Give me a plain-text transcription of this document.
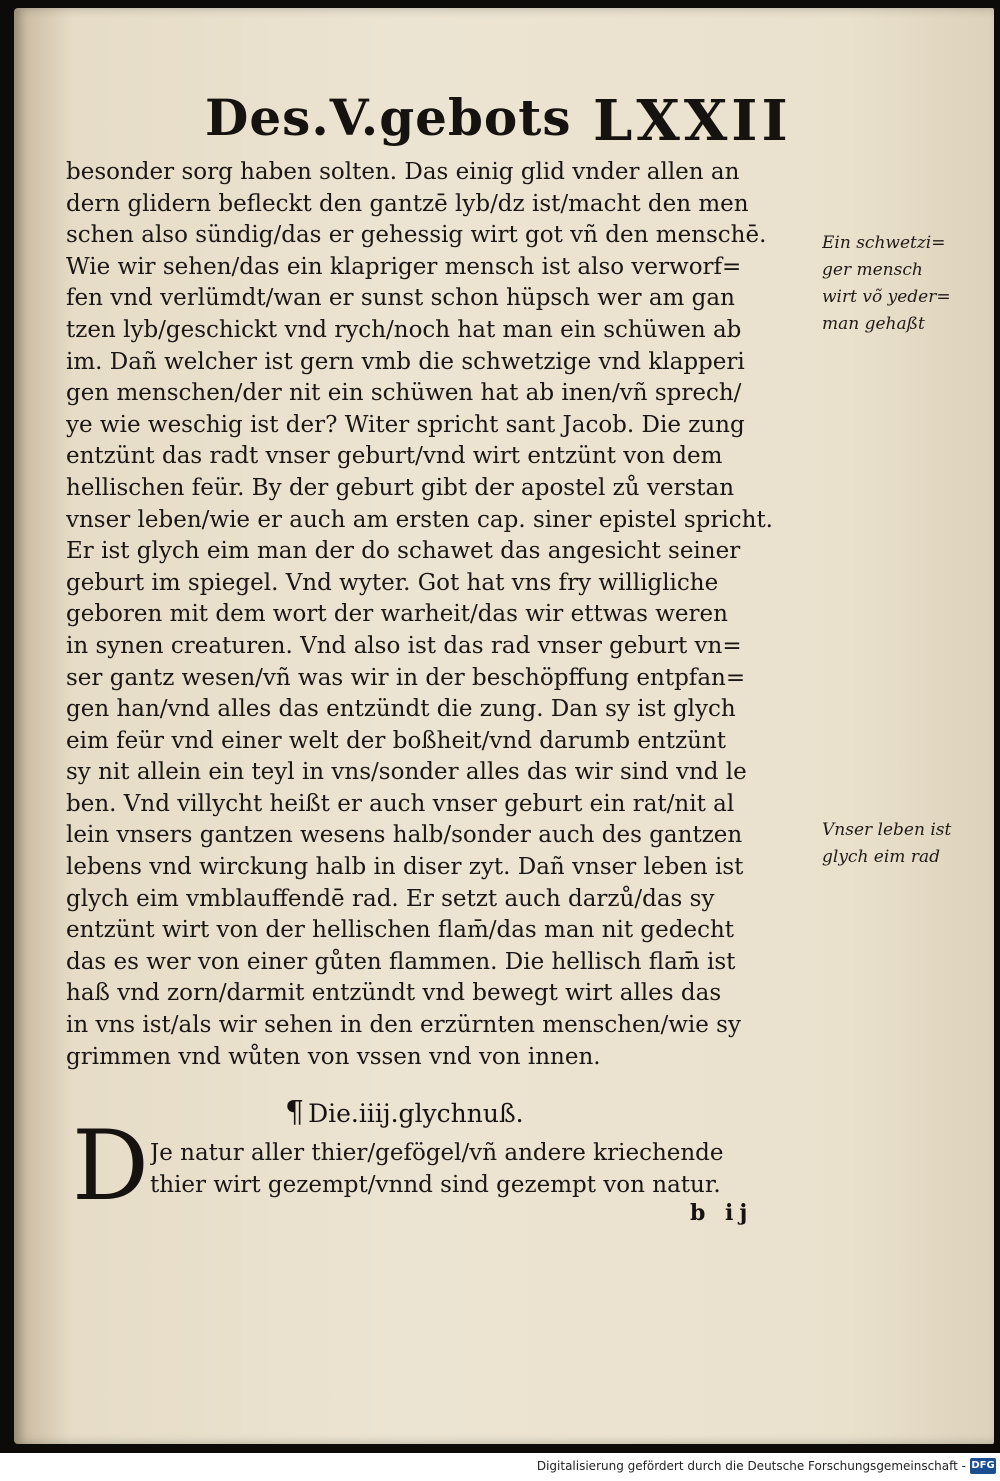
Des.V.gebots LXXII
besonder sorg haben solten. Das einig glid vnder allen an
dern glidern befleckt den gantzē lyb/dz ist/macht den men
schen also sündig/das er gehessig wirt got vñ den menschē.
Wie wir sehen/das ein klapriger mensch ist also verworf=
fen vnd verlümdt/wan er sunst schon hüpsch wer am gan
tzen lyb/geschickt vnd rych/noch hat man ein schüwen ab
im. Dañ welcher ist gern vmb die schwetzige vnd klapperi
gen menschen/der nit ein schüwen hat ab inen/vñ sprech/
ye wie weschig ist der? Witer spricht sant Jacob. Die zung
entzünt das radt vnser geburt/vnd wirt entzünt von dem
hellischen feür. By der geburt gibt der apostel zů verstan
vnser leben/wie er auch am ersten cap. siner epistel spricht.
Er ist glych eim man der do schawet das angesicht seiner
geburt im spiegel. Vnd wyter. Got hat vns fry willigliche
geboren mit dem wort der warheit/das wir ettwas weren
in synen creaturen. Vnd also ist das rad vnser geburt vn=
ser gantz wesen/vñ was wir in der beschöpffung entpfan=
gen han/vnd alles das entzündt die zung. Dan sy ist glych
eim feür vnd einer welt der boßheit/vnd darumb entzünt
sy nit allein ein teyl in vns/sonder alles das wir sind vnd le
ben. Vnd villycht heißt er auch vnser geburt ein rat/nit al
lein vnsers gantzen wesens halb/sonder auch des gantzen
lebens vnd wirckung halb in diser zyt. Dañ vnser leben ist
glych eim vmblauffendē rad. Er setzt auch darzů/das sy
entzünt wirt von der hellischen flam̄/das man nit gedecht
das es wer von einer gůten flammen. Die hellisch flam̄ ist
haß vnd zorn/darmit entzündt vnd bewegt wirt alles das
in vns ist/als wir sehen in den erzürnten menschen/wie sy
grimmen vnd wůten von vssen vnd von innen.
Ein schwetzi=
ger mensch
wirt võ yeder=
man gehaßt
Vnser leben ist
glych eim rad
¶ Die.iiij.glychnuß.
D Je natur aller thier/gefögel/vñ andere kriechende
thier wirt gezempt/vnnd sind gezempt von natur.
b ij
Digitalisierung gefördert durch die Deutsche Forschungsgemeinschaft - DFG
